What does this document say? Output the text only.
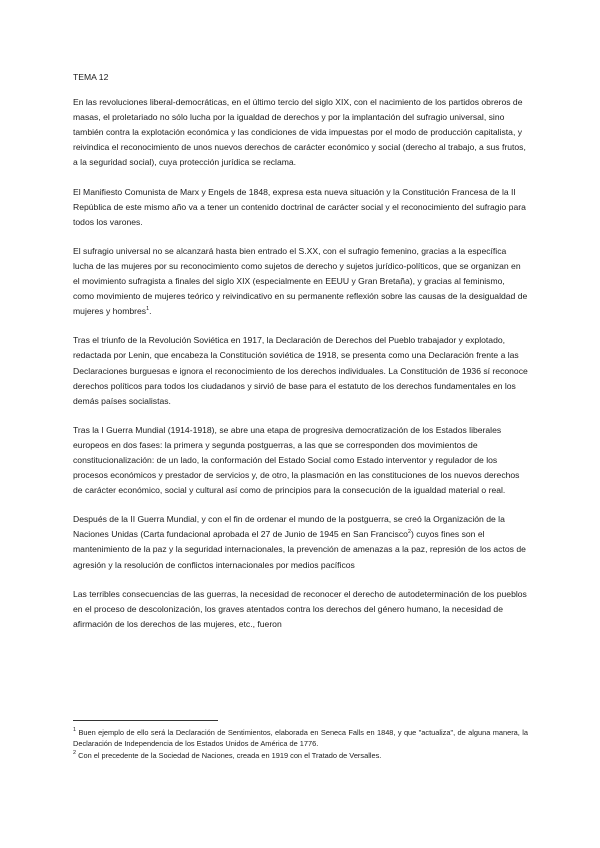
TEMA 12

En las revoluciones liberal-democráticas, en el último tercio del siglo XIX, con el nacimiento de los partidos obreros de masas, el proletariado no sólo lucha por la igualdad de derechos y por la implantación del sufragio universal, sino también contra la explotación económica y las condiciones de vida impuestas por el modo de producción capitalista, y reivindica el reconocimiento de unos nuevos derechos de carácter económico y social (derecho al trabajo, a sus frutos, a la seguridad social), cuya protección jurídica se reclama.

El Manifiesto Comunista de Marx y Engels de 1848, expresa esta nueva situación y la Constitución Francesa de la II República de este mismo año va a tener un contenido doctrinal de carácter social y el reconocimiento del sufragio para todos los varones.

El sufragio universal no se alcanzará hasta bien entrado el S.XX, con el sufragio femenino, gracias a la específica lucha de las mujeres por su reconocimiento como sujetos de derecho y sujetos jurídico-políticos, que se organizan en el movimiento sufragista a finales del siglo XIX (especialmente en EEUU y Gran Bretaña), y gracias al feminismo, como movimiento de mujeres teórico y reivindicativo en su permanente reflexión sobre las causas de la desigualdad de mujeres y hombres$^1$.

Tras el triunfo de la Revolución Soviética en 1917, la Declaración de Derechos del Pueblo trabajador y explotado, redactada por Lenin, que encabeza la Constitución soviética de 1918, se presenta como una Declaración frente a las Declaraciones burguesas e ignora el reconocimiento de los derechos individuales. La Constitución de 1936 sí reconoce derechos políticos para todos los ciudadanos y sirvió de base para el estatuto de los derechos fundamentales en los demás países socialistas.

Tras la I Guerra Mundial (1914-1918), se abre una etapa de progresiva democratización de los Estados liberales europeos en dos fases: la primera y segunda postguerras, a las que se corresponden dos movimientos de constitucionalización: de un lado, la conformación del Estado Social como Estado interventor y regulador de los procesos económicos y prestador de servicios y, de otro, la plasmación en las constituciones de los nuevos derechos de carácter económico, social y cultural así como de principios para la consecución de la igualdad material o real.

Después de la II Guerra Mundial, y con el fin de ordenar el mundo de la postguerra, se creó la Organización de la Naciones Unidas (Carta fundacional aprobada el 27 de Junio de 1945 en San Francisco$^2$) cuyos fines son el mantenimiento de la paz y la seguridad internacionales, la prevención de amenazas a la paz, represión de los actos de agresión y la resolución de conflictos internacionales por medios pacíficos

Las terribles consecuencias de las guerras, la necesidad de reconocer el derecho de autodeterminación de los pueblos en el proceso de descolonización, los graves atentados contra los derechos del género humano, la necesidad de afirmación de los derechos de las mujeres, etc., fueron

$^1$ Buen ejemplo de ello será la Declaración de Sentimientos, elaborada en Seneca Falls en 1848, y que "actualiza", de alguna manera, la Declaración de Independencia de los Estados Unidos de América de 1776.

$^2$ Con el precedente de la Sociedad de Naciones, creada en 1919 con el Tratado de Versalles.
